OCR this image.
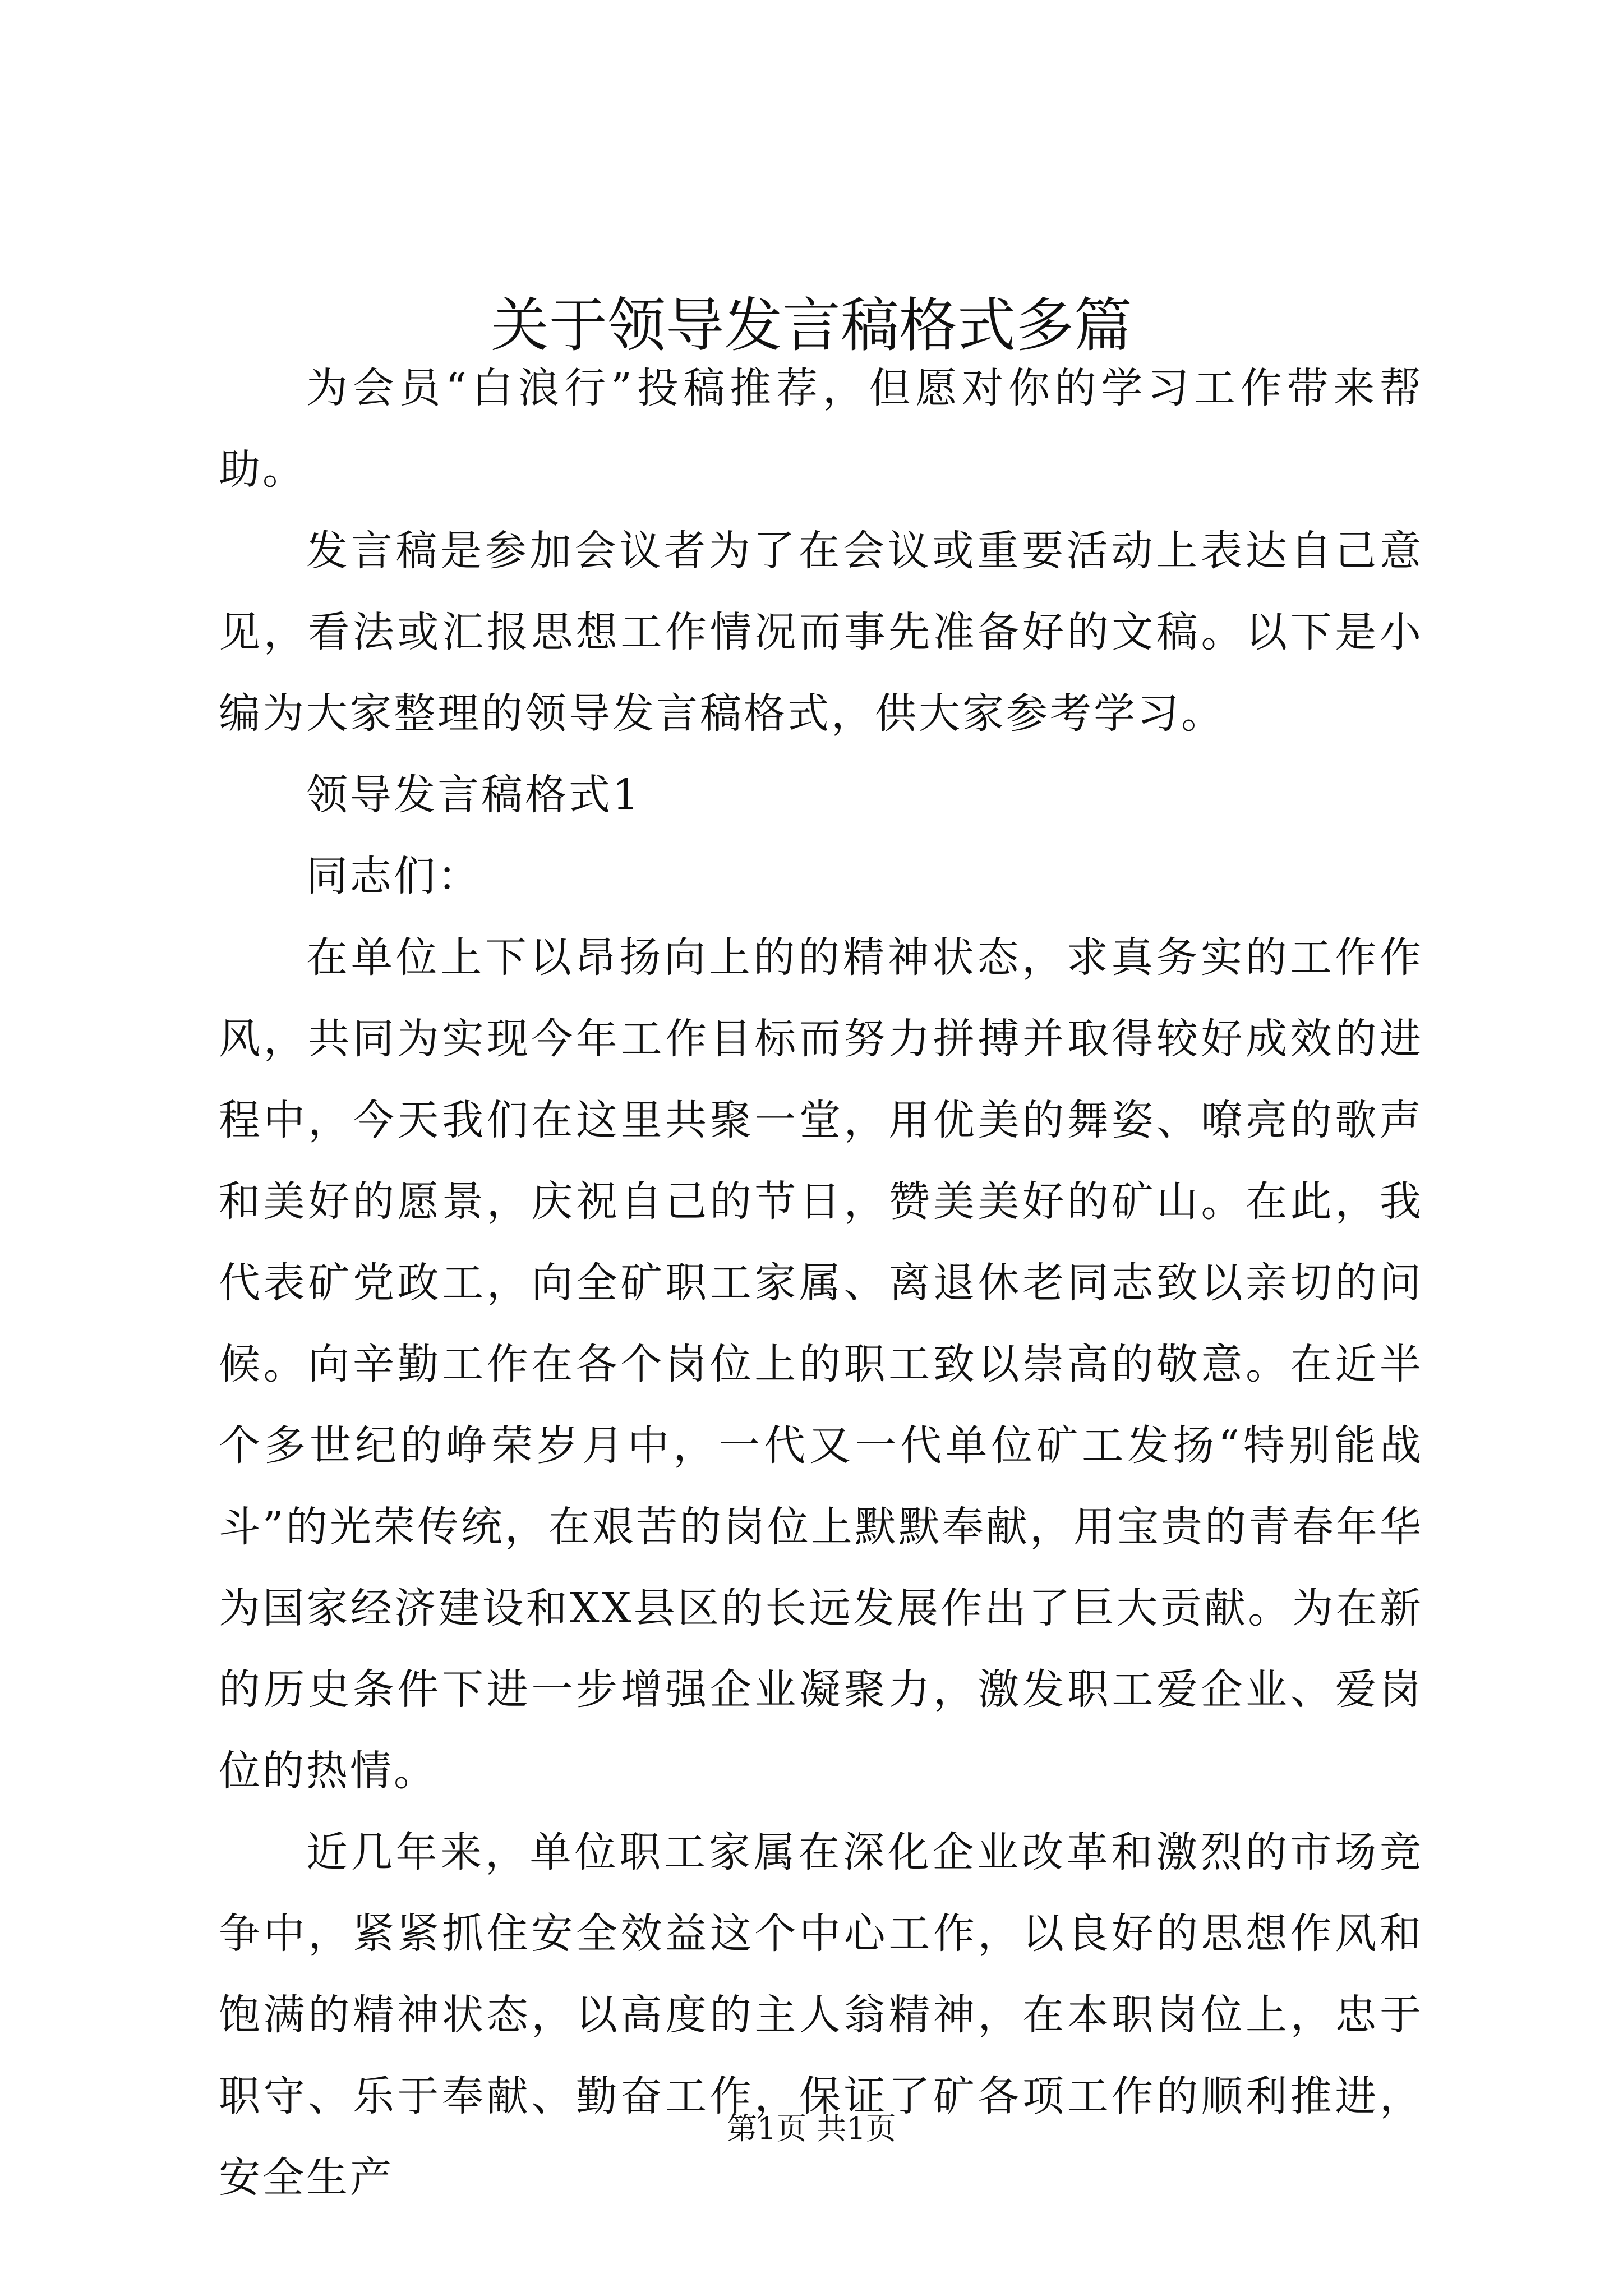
关于领导发言稿格式多篇

为会员“白浪行”投稿推荐，但愿对你的学习工作带来帮助。

发言稿是参加会议者为了在会议或重要活动上表达自己意见，看法或汇报思想工作情况而事先准备好的文稿。以下是小编为大家整理的领导发言稿格式，供大家参考学习。

领导发言稿格式1

同志们：

在单位上下以昂扬向上的的精神状态，求真务实的工作作风，共同为实现今年工作目标而努力拼搏并取得较好成效的进程中，今天我们在这里共聚一堂，用优美的舞姿、嘹亮的歌声和美好的愿景，庆祝自己的节日，赞美美好的矿山。在此，我代表矿党政工，向全矿职工家属、离退休老同志致以亲切的问候。向辛勤工作在各个岗位上的职工致以崇高的敬意。在近半个多世纪的峥荣岁月中，一代又一代单位矿工发扬“特别能战斗”的光荣传统，在艰苦的岗位上默默奉献，用宝贵的青春年华为国家经济建设和XX县区的长远发展作出了巨大贡献。为在新的历史条件下进一步增强企业凝聚力，激发职工爱企业、爱岗位的热情。

近几年来，单位职工家属在深化企业改革和激烈的市场竞争中，紧紧抓住安全效益这个中心工作，以良好的思想作风和饱满的精神状态，以高度的主人翁精神，在本职岗位上，忠于职守、乐于奉献、勤奋工作，保证了矿各项工作的顺利推进，安全生产

第1页 共1页
